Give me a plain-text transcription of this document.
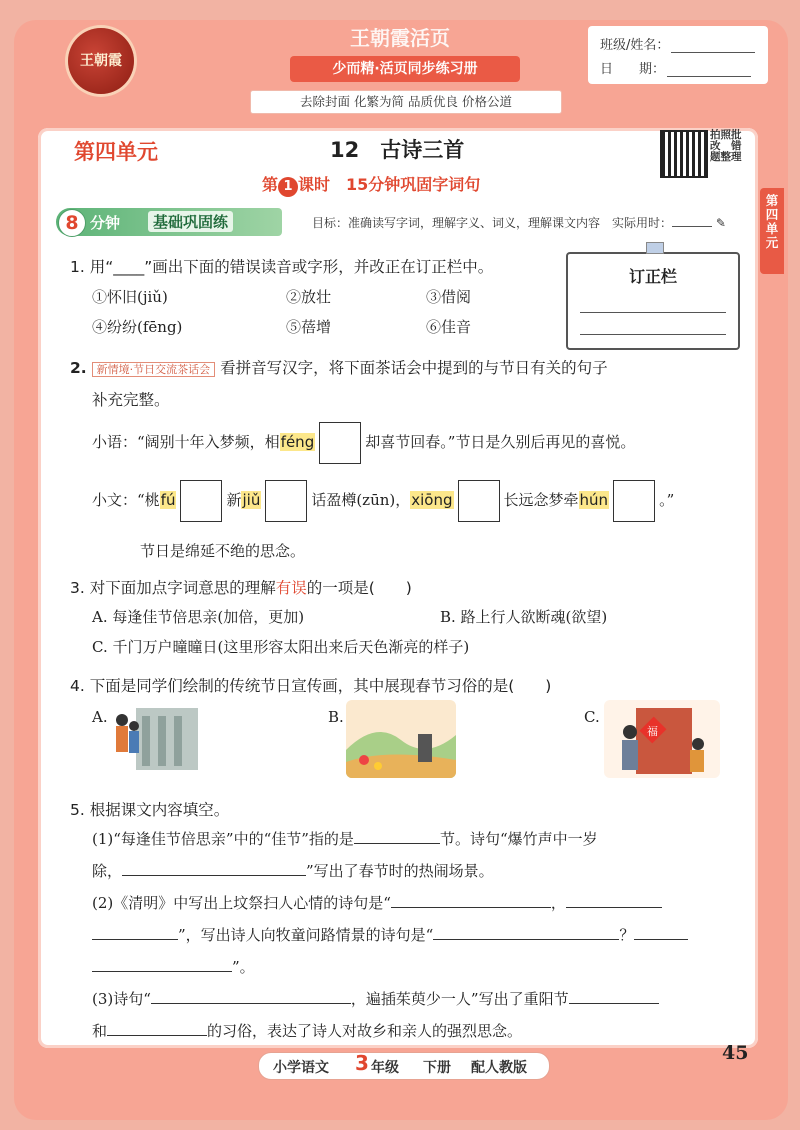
王朝霞
王朝霞活页
少而精·活页同步练习册
去除封面 化繁为简 品质优良 价格公道
班级/姓名：
日　　期：
第四单元	12　古诗三首
拍照批改　错题整理
第 1 课时　15分钟巩固字词句
第四单元
8 分钟	基础巩固练	目标：准确读写字词，理解字义、词义，理解课文内容　实际用时：	✎
1. 用“____”画出下面的错误读音或字形，并改正在订正栏中。
①怀旧(jiǔ)	②放壮	③借阅
④纷纷(fēng)	⑤蓓增	⑥佳音
订正栏
2. 新情境·节日交流茶话会 看拼音写汉字，将下面茶话会中提到的与节日有关的句子
补充完整。
小语：“阔别十年入梦频，相féng	却喜节回春。”节日是久别后再见的喜悦。
小文：“桃fú	新jiǔ	话盈樽(zūn)，xiōng	长远念梦牵hún	。”
节日是绵延不绝的思念。
3. 对下面加点字词意思的理解有误的一项是(　　)
A. 每逢佳节倍思亲(加倍，更加)	B. 路上行人欲断魂(欲望)
C. 千门万户曈曈日(这里形容太阳出来后天色渐亮的样子)
4. 下面是同学们绘制的传统节日宣传画，其中展现春节习俗的是(　　)
A.	B.	C.
福
5. 根据课文内容填空。
(1)“每逢佳节倍思亲”中的“佳节”指的是	节。诗句“爆竹声中一岁
除，	”写出了春节时的热闹场景。
(2)《清明》中写出上坟祭扫人心情的诗句是“	，
”，写出诗人向牧童问路情景的诗句是“	？
”。
(3)诗句“	，遍插茱萸少一人”写出了重阳节
和	的习俗，表达了诗人对故乡和亲人的强烈思念。
小学语文 3 年级 下册 配人教版
45
